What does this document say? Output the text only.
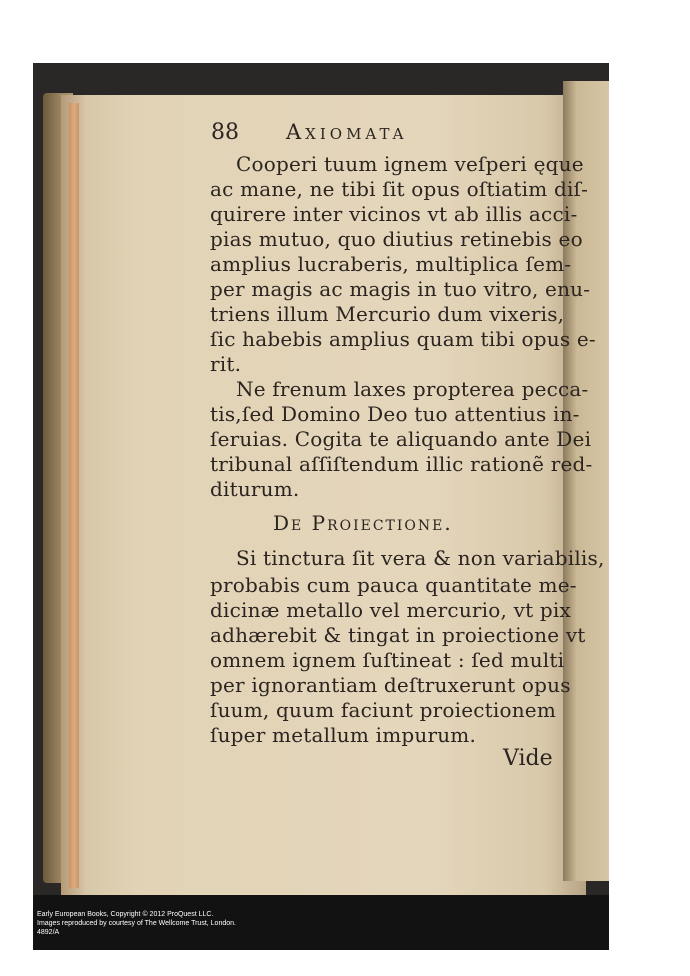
88 Axiomata
Cooperi tuum ignem veſperi ęque
ac mane, ne tibi ſit opus oſtiatim diſ-
quirere inter vicinos vt ab illis acci-
pias mutuo, quo diutius retinebis eo
amplius lucraberis, multiplica ſem-
per magis ac magis in tuo vitro, enu-
triens illum Mercurio dum vixeris,
ſic habebis amplius quam tibi opus e-
rit.
Ne frenum laxes propterea pecca-
tis,ſed Domino Deo tuo attentius in-
ſeruias. Cogita te aliquando ante Dei
tribunal aſſiſtendum illic rationẽ red-
diturum.
De Proiectione.
Si tinctura ſit vera & non variabilis,
probabis cum pauca quantitate me-
dicinæ metallo vel mercurio, vt pix
adhærebit & tingat in proiectione vt
omnem ignem ſuſtineat : ſed multi
per ignorantiam deſtruxerunt opus
ſuum, quum faciunt proiectionem
ſuper metallum impurum.
Vide
Early European Books, Copyright © 2012 ProQuest LLC.
Images reproduced by courtesy of The Wellcome Trust, London.
4892/A
